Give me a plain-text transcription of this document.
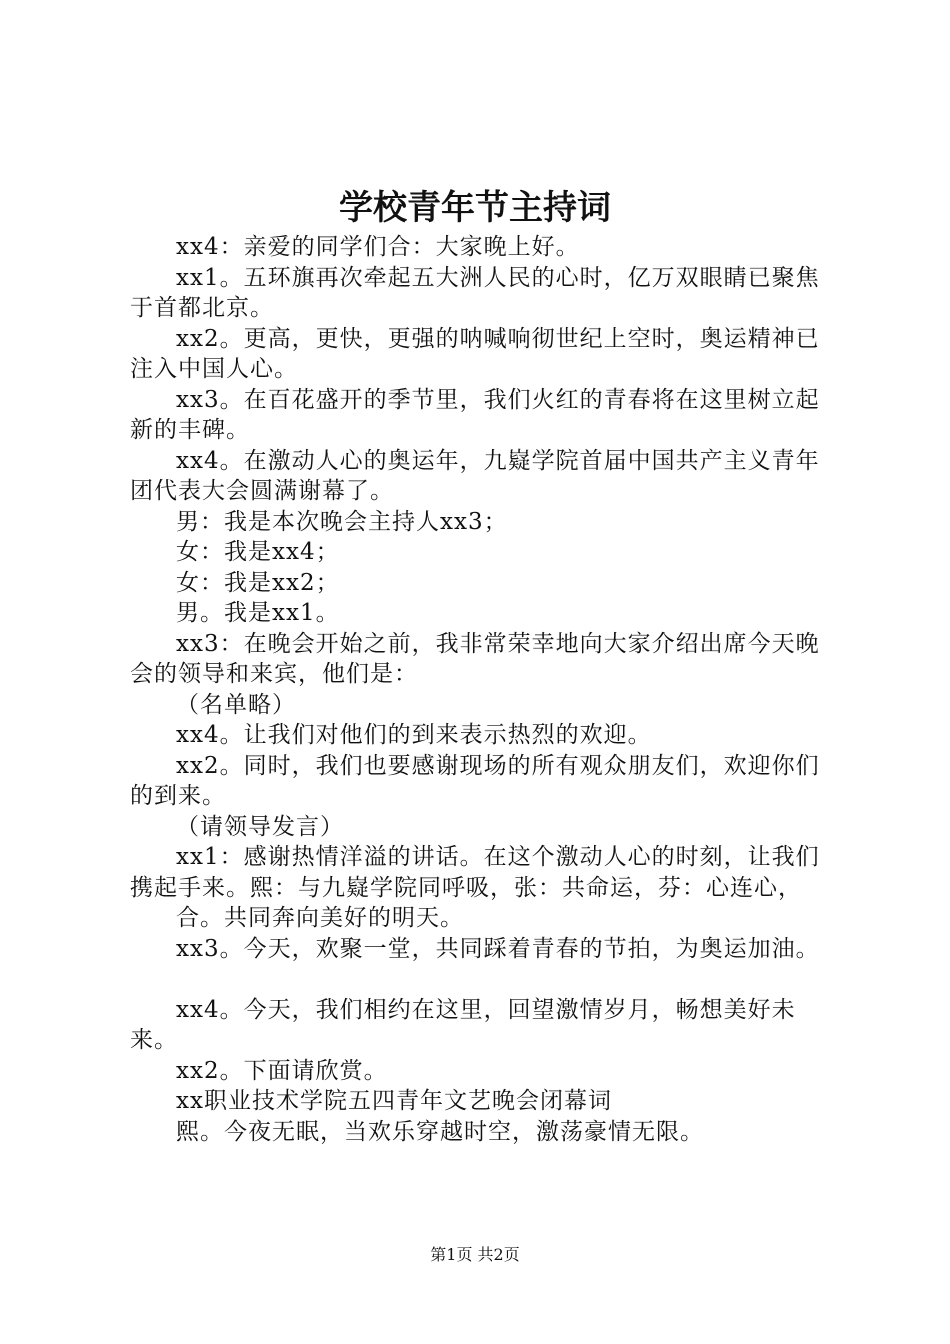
学校青年节主持词

xx4：亲爱的同学们合：大家晚上好。

xx1。五环旗再次牵起五大洲人民的心时，亿万双眼睛已聚焦于首都北京。

xx2。更高，更快，更强的呐喊响彻世纪上空时，奥运精神已注入中国人心。

xx3。在百花盛开的季节里，我们火红的青春将在这里树立起新的丰碑。

xx4。在激动人心的奥运年，九嶷学院首届中国共产主义青年团代表大会圆满谢幕了。

男：我是本次晚会主持人xx3；

女：我是xx4；

女：我是xx2；

男。我是xx1。

xx3：在晚会开始之前，我非常荣幸地向大家介绍出席今天晚会的领导和来宾，他们是：

（名单略）

xx4。让我们对他们的到来表示热烈的欢迎。

xx2。同时，我们也要感谢现场的所有观众朋友们，欢迎你们的到来。

（请领导发言）

xx1：感谢热情洋溢的讲话。在这个激动人心的时刻，让我们携起手来。熙：与九嶷学院同呼吸，张：共命运，芬：心连心，

合。共同奔向美好的明天。

xx3。今天，欢聚一堂，共同踩着青春的节拍，为奥运加油。

xx4。今天，我们相约在这里，回望激情岁月，畅想美好未来。

xx2。下面请欣赏。

xx职业技术学院五四青年文艺晚会闭幕词

熙。今夜无眠，当欢乐穿越时空，激荡豪情无限。

第1页 共2页
